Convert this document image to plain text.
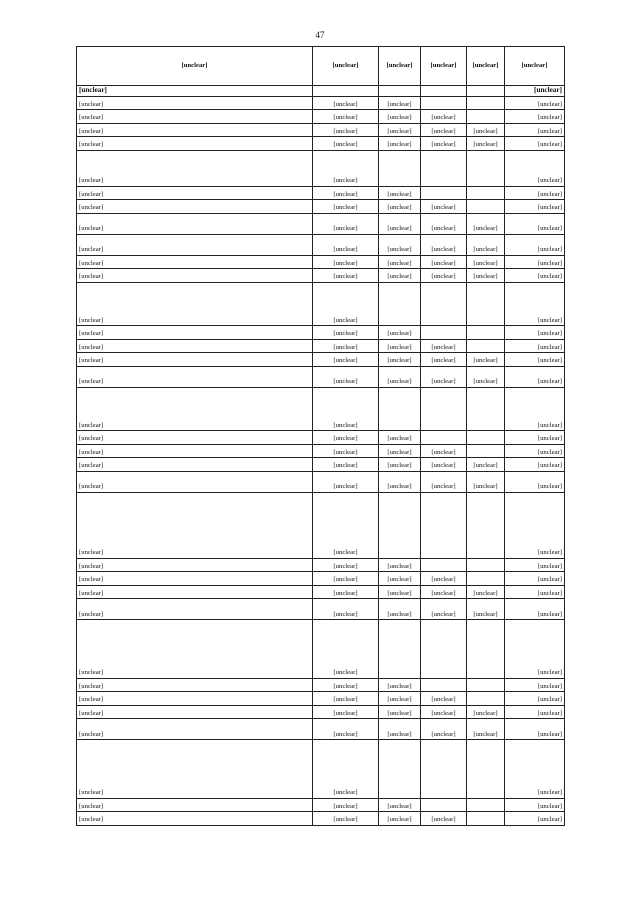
47
[unclear]	[unclear]	[unclear]	[unclear]	[unclear]	[unclear]
[unclear]					[unclear]
[unclear]	[unclear]	[unclear]			[unclear]
[unclear]	[unclear]	[unclear]	[unclear]		[unclear]
[unclear]	[unclear]	[unclear]	[unclear]	[unclear]	[unclear]
[unclear]	[unclear]	[unclear]	[unclear]	[unclear]	[unclear]
[unclear]	[unclear]				[unclear]
[unclear]	[unclear]	[unclear]			[unclear]
[unclear]	[unclear]	[unclear]	[unclear]		[unclear]
[unclear]	[unclear]	[unclear]	[unclear]	[unclear]	[unclear]
[unclear]	[unclear]	[unclear]	[unclear]	[unclear]	[unclear]
[unclear]	[unclear]	[unclear]	[unclear]	[unclear]	[unclear]
[unclear]	[unclear]	[unclear]	[unclear]	[unclear]	[unclear]
[unclear]	[unclear]				[unclear]
[unclear]	[unclear]	[unclear]			[unclear]
[unclear]	[unclear]	[unclear]	[unclear]		[unclear]
[unclear]	[unclear]	[unclear]	[unclear]	[unclear]	[unclear]
[unclear]	[unclear]	[unclear]	[unclear]	[unclear]	[unclear]
[unclear]	[unclear]				[unclear]
[unclear]	[unclear]	[unclear]			[unclear]
[unclear]	[unclear]	[unclear]	[unclear]		[unclear]
[unclear]	[unclear]	[unclear]	[unclear]	[unclear]	[unclear]
[unclear]	[unclear]	[unclear]	[unclear]	[unclear]	[unclear]
[unclear]	[unclear]				[unclear]
[unclear]	[unclear]	[unclear]			[unclear]
[unclear]	[unclear]	[unclear]	[unclear]		[unclear]
[unclear]	[unclear]	[unclear]	[unclear]	[unclear]	[unclear]
[unclear]	[unclear]	[unclear]	[unclear]	[unclear]	[unclear]
[unclear]	[unclear]				[unclear]
[unclear]	[unclear]	[unclear]			[unclear]
[unclear]	[unclear]	[unclear]	[unclear]		[unclear]
[unclear]	[unclear]	[unclear]	[unclear]	[unclear]	[unclear]
[unclear]	[unclear]	[unclear]	[unclear]	[unclear]	[unclear]
[unclear]	[unclear]				[unclear]
[unclear]	[unclear]	[unclear]			[unclear]
[unclear]	[unclear]	[unclear]	[unclear]		[unclear]
